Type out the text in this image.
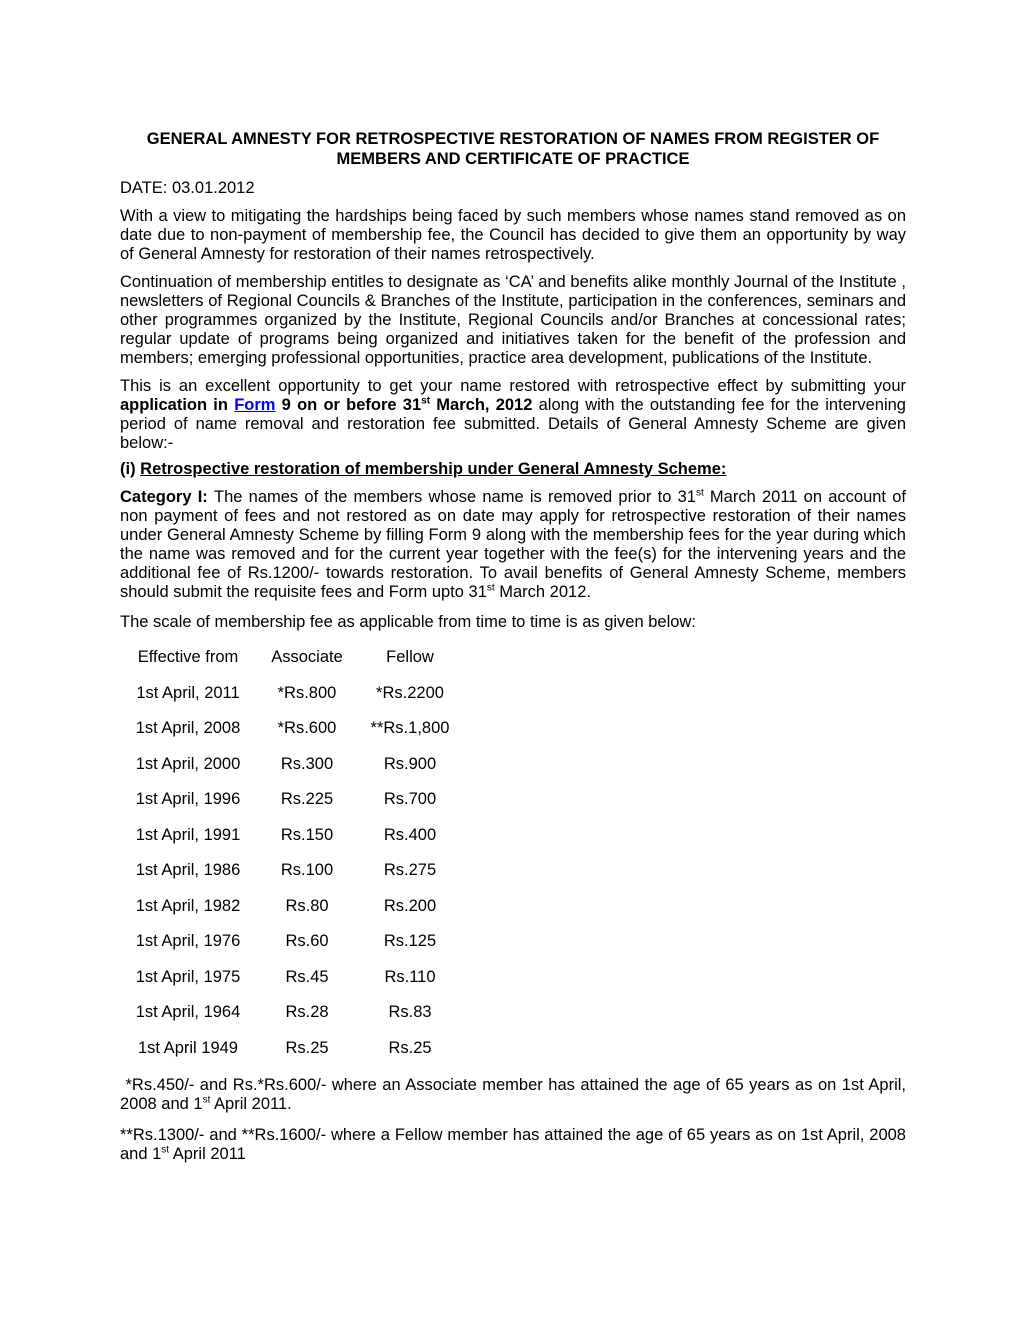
GENERAL AMNESTY FOR RETROSPECTIVE RESTORATION OF NAMES FROM REGISTER OF
MEMBERS AND CERTIFICATE OF PRACTICE
DATE: 03.01.2012
With a view to mitigating the hardships being faced by such members whose names stand removed as on date due to non-payment of membership fee, the Council has decided to give them an opportunity by way of General Amnesty for restoration of their names retrospectively.
Continuation of membership entitles to designate as ‘CA’ and benefits alike monthly Journal of the Institute , newsletters of Regional Councils & Branches of the Institute, participation in the conferences, seminars and other programmes organized by the Institute, Regional Councils and/or Branches at concessional rates; regular update of programs being organized and initiatives taken for the benefit of the profession and members; emerging professional opportunities, practice area development, publications of the Institute.
This is an excellent opportunity to get your name restored with retrospective effect by submitting your application in Form 9 on or before 31st March, 2012 along with the outstanding fee for the intervening period of name removal and restoration fee submitted. Details of General Amnesty Scheme are given below:-
(i) Retrospective restoration of membership under General Amnesty Scheme:
Category I: The names of the members whose name is removed prior to 31st March 2011 on account of non payment of fees and not restored as on date may apply for retrospective restoration of their names under General Amnesty Scheme by filling Form 9 along with the membership fees for the year during which the name was removed and for the current year together with the fee(s) for the intervening years and the additional fee of Rs.1200/- towards restoration. To avail benefits of General Amnesty Scheme, members should submit the requisite fees and Form upto 31st March 2012.
The scale of membership fee as applicable from time to time is as given below:
Effective from	Associate	Fellow
1st April, 2011	*Rs.800	*Rs.2200
1st April, 2008	*Rs.600	**Rs.1,800
1st April, 2000	Rs.300	Rs.900
1st April, 1996	Rs.225	Rs.700
1st April, 1991	Rs.150	Rs.400
1st April, 1986	Rs.100	Rs.275
1st April, 1982	Rs.80	Rs.200
1st April, 1976	Rs.60	Rs.125
1st April, 1975	Rs.45	Rs.110
1st April, 1964	Rs.28	Rs.83
1st April 1949	Rs.25	Rs.25
*Rs.450/- and Rs.*Rs.600/- where an Associate member has attained the age of 65 years as on 1st April, 2008 and 1st April 2011.
**Rs.1300/- and **Rs.1600/- where a Fellow member has attained the age of 65 years as on 1st April, 2008 and 1st April 2011
